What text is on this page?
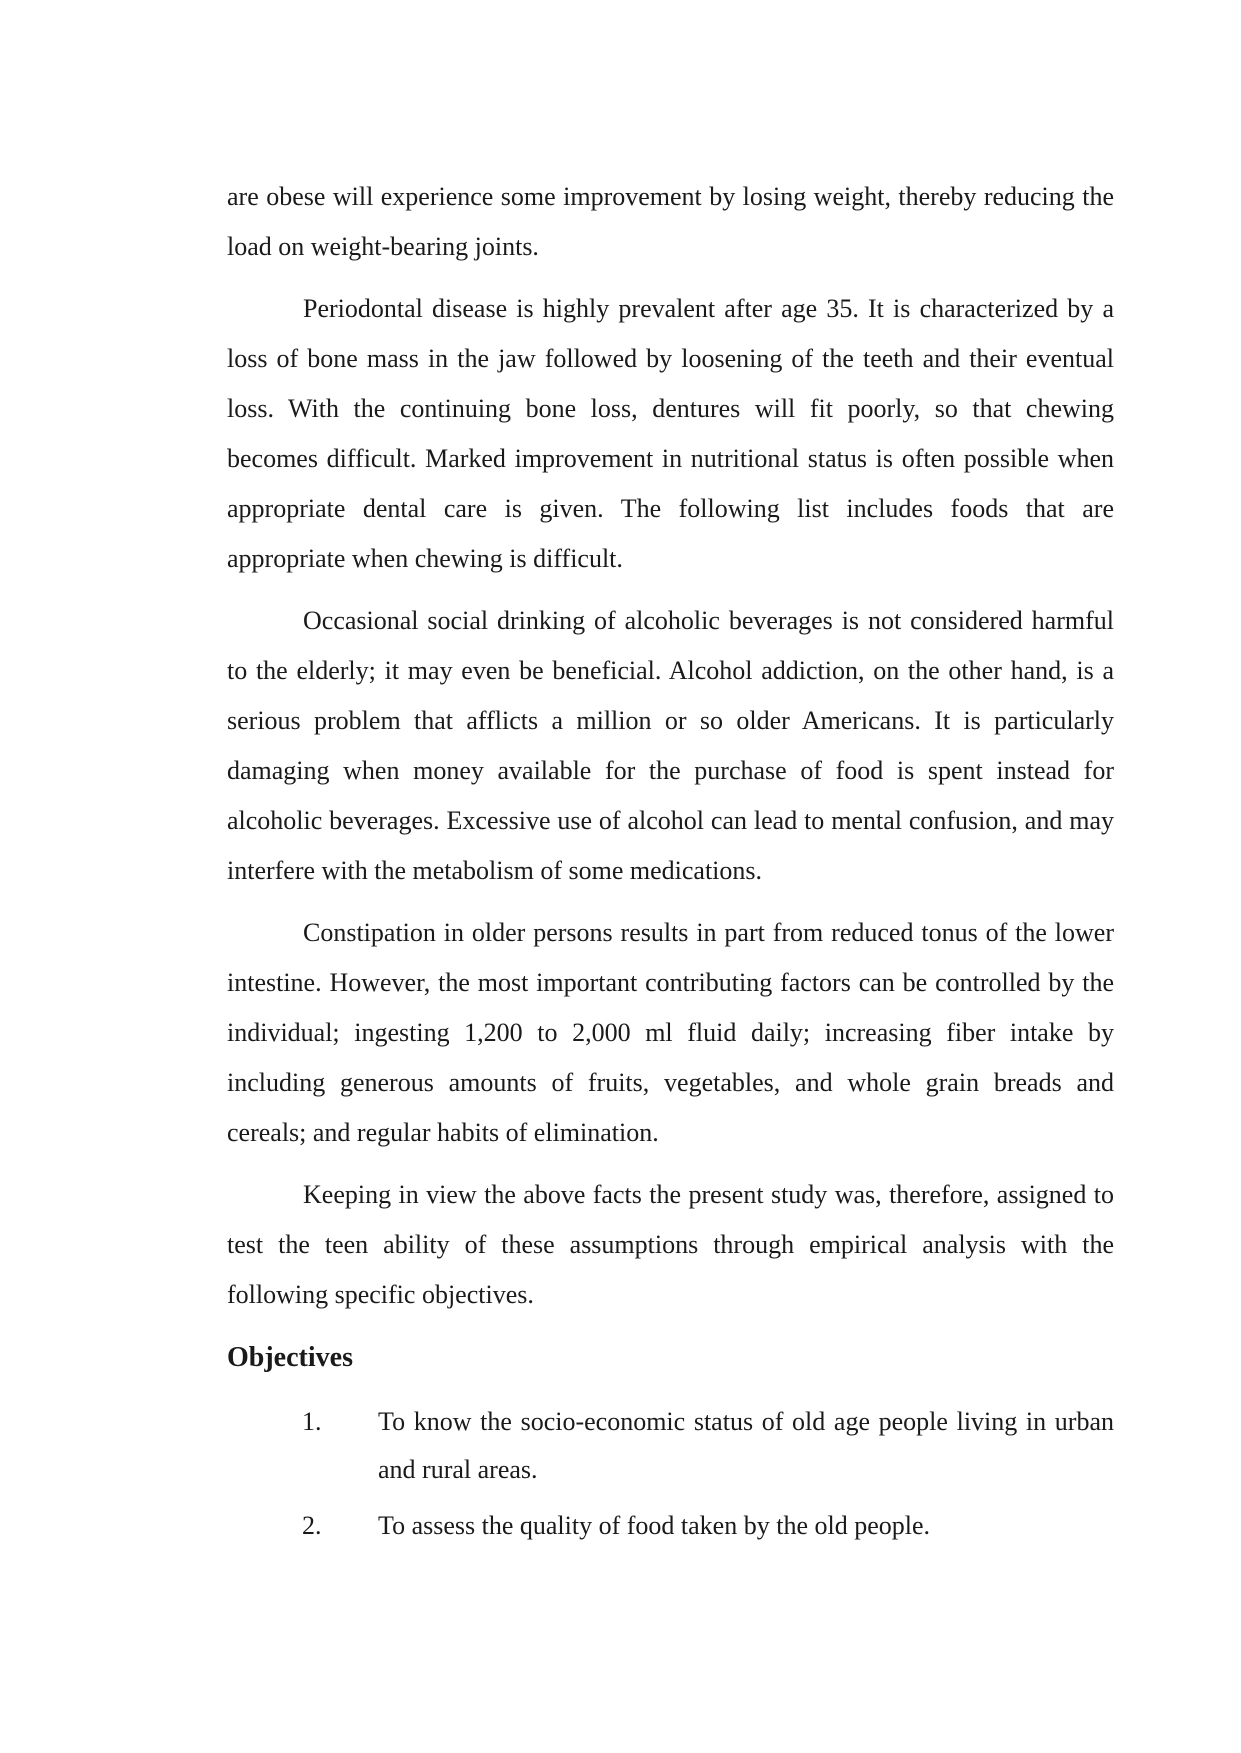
are obese will experience some improvement by losing weight, thereby reducing the load on weight-bearing joints.

Periodontal disease is highly prevalent after age 35. It is characterized by a loss of bone mass in the jaw followed by loosening of the teeth and their eventual loss. With the continuing bone loss, dentures will fit poorly, so that chewing becomes difficult. Marked improvement in nutritional status is often possible when appropriate dental care is given. The following list includes foods that are appropriate when chewing is difficult.

Occasional social drinking of alcoholic beverages is not considered harmful to the elderly; it may even be beneficial. Alcohol addiction, on the other hand, is a serious problem that afflicts a million or so older Americans. It is particularly damaging when money available for the purchase of food is spent instead for alcoholic beverages. Excessive use of alcohol can lead to mental confusion, and may interfere with the metabolism of some medications.

Constipation in older persons results in part from reduced tonus of the lower intestine. However, the most important contributing factors can be controlled by the individual; ingesting 1,200 to 2,000 ml fluid daily; increasing fiber intake by including generous amounts of fruits, vegetables, and whole grain breads and cereals; and regular habits of elimination.

Keeping in view the above facts the present study was, therefore, assigned to test the teen ability of these assumptions through empirical analysis with the following specific objectives.

Objectives
1.	To know the socio-economic status of old age people living in urban and rural areas.
2.	To assess the quality of food taken by the old people.
